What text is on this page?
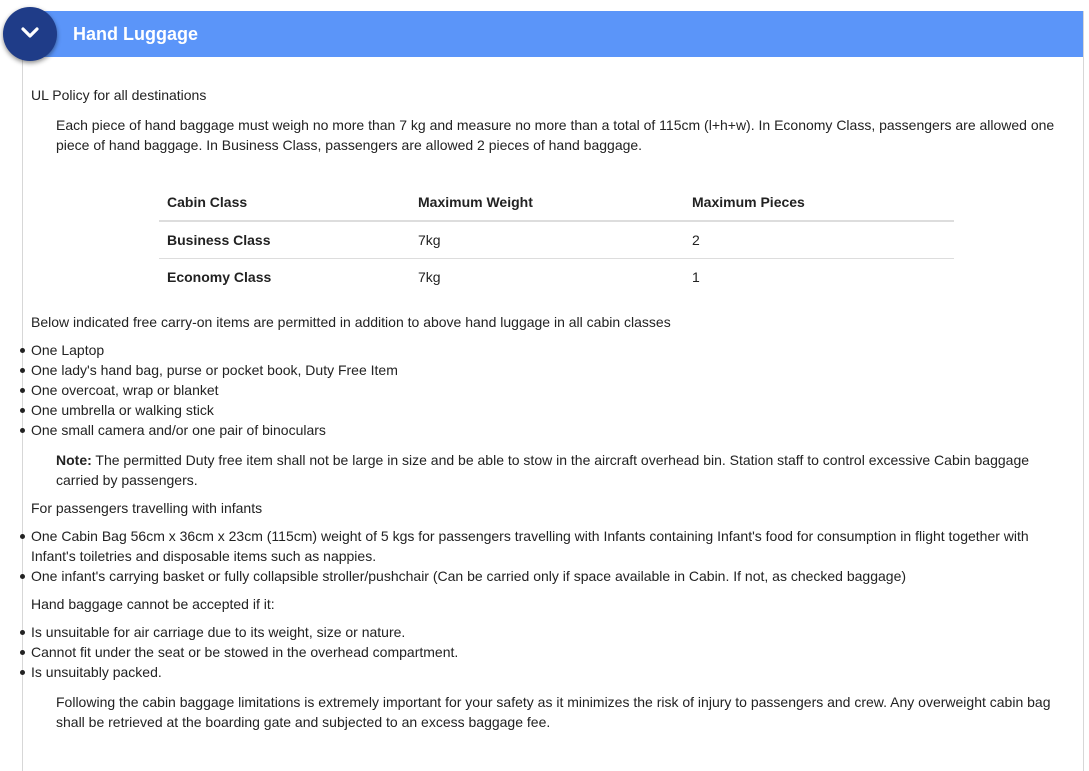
Hand Luggage

UL Policy for all destinations

Each piece of hand baggage must weigh no more than 7 kg and measure no more than a total of 115cm (l+h+w). In Economy Class, passengers are allowed one piece of hand baggage. In Business Class, passengers are allowed 2 pieces of hand baggage.

Cabin Class	Maximum Weight	Maximum Pieces
Business Class	7kg	2
Economy Class	7kg	1

Below indicated free carry-on items are permitted in addition to above hand luggage in all cabin classes

One Laptop
One lady's hand bag, purse or pocket book, Duty Free Item
One overcoat, wrap or blanket
One umbrella or walking stick
One small camera and/or one pair of binoculars

Note: The permitted Duty free item shall not be large in size and be able to stow in the aircraft overhead bin. Station staff to control excessive Cabin baggage carried by passengers.

For passengers travelling with infants

One Cabin Bag 56cm x 36cm x 23cm (115cm) weight of 5 kgs for passengers travelling with Infants containing Infant's food for consumption in flight together with Infant's toiletries and disposable items such as nappies.
One infant's carrying basket or fully collapsible stroller/pushchair (Can be carried only if space available in Cabin. If not, as checked baggage)

Hand baggage cannot be accepted if it:

Is unsuitable for air carriage due to its weight, size or nature.
Cannot fit under the seat or be stowed in the overhead compartment.
Is unsuitably packed.

Following the cabin baggage limitations is extremely important for your safety as it minimizes the risk of injury to passengers and crew. Any overweight cabin bag shall be retrieved at the boarding gate and subjected to an excess baggage fee.
